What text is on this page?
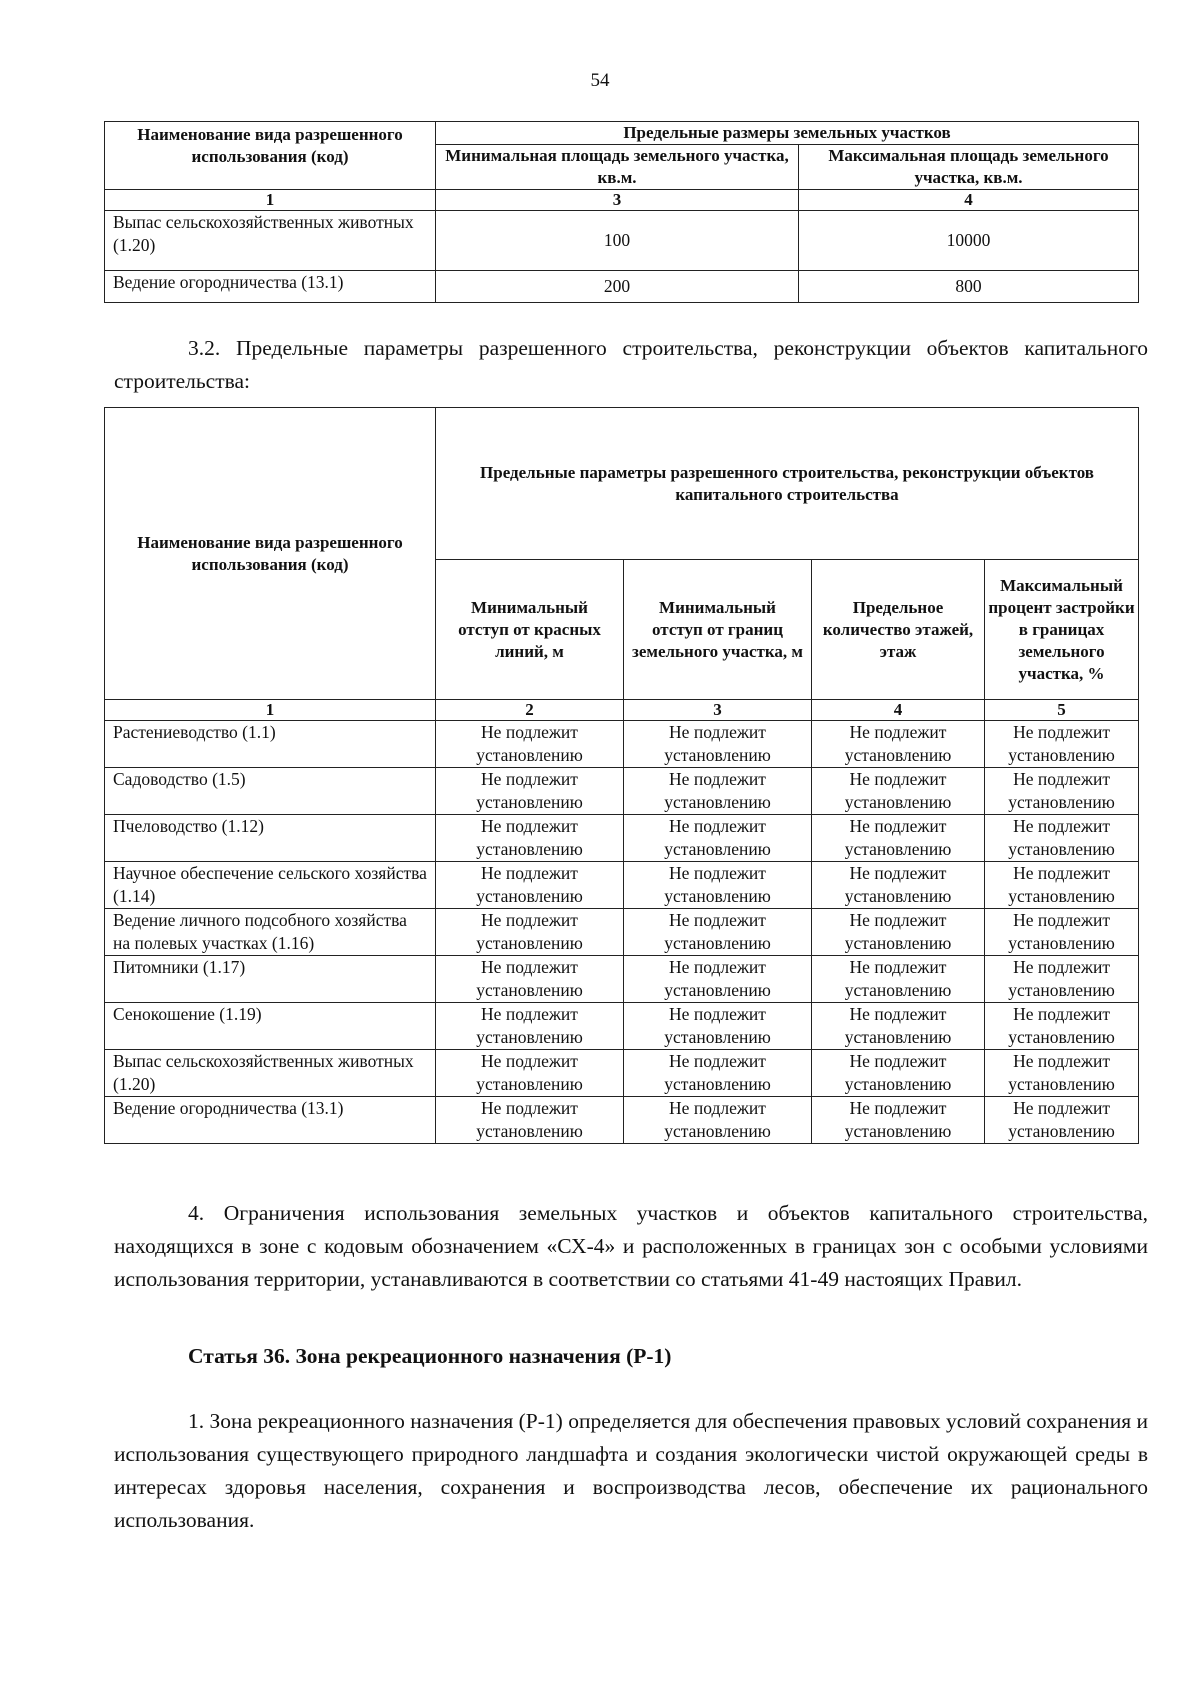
54
Наименование вида разрешенного использования (код)	Предельные размеры земельных участков	
	Минимальная площадь земельного участка, кв.м.	Максимальная площадь земельного участка, кв.м.
1	3	4
Выпас сельскохозяйственных животных (1.20)	100	10000
Ведение огородничества (13.1)	200	800
3.2. Предельные параметры разрешенного строительства, реконструкции объектов капитального строительства:
Наименование вида разрешенного использования (код)	Предельные параметры разрешенного строительства, реконструкции объектов капитального строительства			
	Минимальный отступ от красных линий, м	Минимальный отступ от границ земельного участка, м	Предельное количество этажей, этаж	Максимальный процент застройки в границах земельного участка, %
1	2	3	4	5
Растениеводство (1.1)	Не подлежит установлению	Не подлежит установлению	Не подлежит установлению	Не подлежит установлению
Садоводство (1.5)	Не подлежит установлению	Не подлежит установлению	Не подлежит установлению	Не подлежит установлению
Пчеловодство (1.12)	Не подлежит установлению	Не подлежит установлению	Не подлежит установлению	Не подлежит установлению
Научное обеспечение сельского хозяйства (1.14)	Не подлежит установлению	Не подлежит установлению	Не подлежит установлению	Не подлежит установлению
Ведение личного подсобного хозяйства на полевых участках (1.16)	Не подлежит установлению	Не подлежит установлению	Не подлежит установлению	Не подлежит установлению
Питомники (1.17)	Не подлежит установлению	Не подлежит установлению	Не подлежит установлению	Не подлежит установлению
Сенокошение (1.19)	Не подлежит установлению	Не подлежит установлению	Не подлежит установлению	Не подлежит установлению
Выпас сельскохозяйственных животных (1.20)	Не подлежит установлению	Не подлежит установлению	Не подлежит установлению	Не подлежит установлению
Ведение огородничества (13.1)	Не подлежит установлению	Не подлежит установлению	Не подлежит установлению	Не подлежит установлению
4. Ограничения использования земельных участков и объектов капитального строительства, находящихся в зоне с кодовым обозначением «СХ-4» и расположенных в границах зон с особыми условиями использования территории, устанавливаются в соответствии со статьями 41-49 настоящих Правил.
Статья 36. Зона рекреационного назначения (Р-1)
1. Зона рекреационного назначения (Р-1) определяется для обеспечения правовых условий сохранения и использования существующего природного ландшафта и создания экологически чистой окружающей среды в интересах здоровья населения, сохранения и воспроизводства лесов, обеспечение их рационального использования.
